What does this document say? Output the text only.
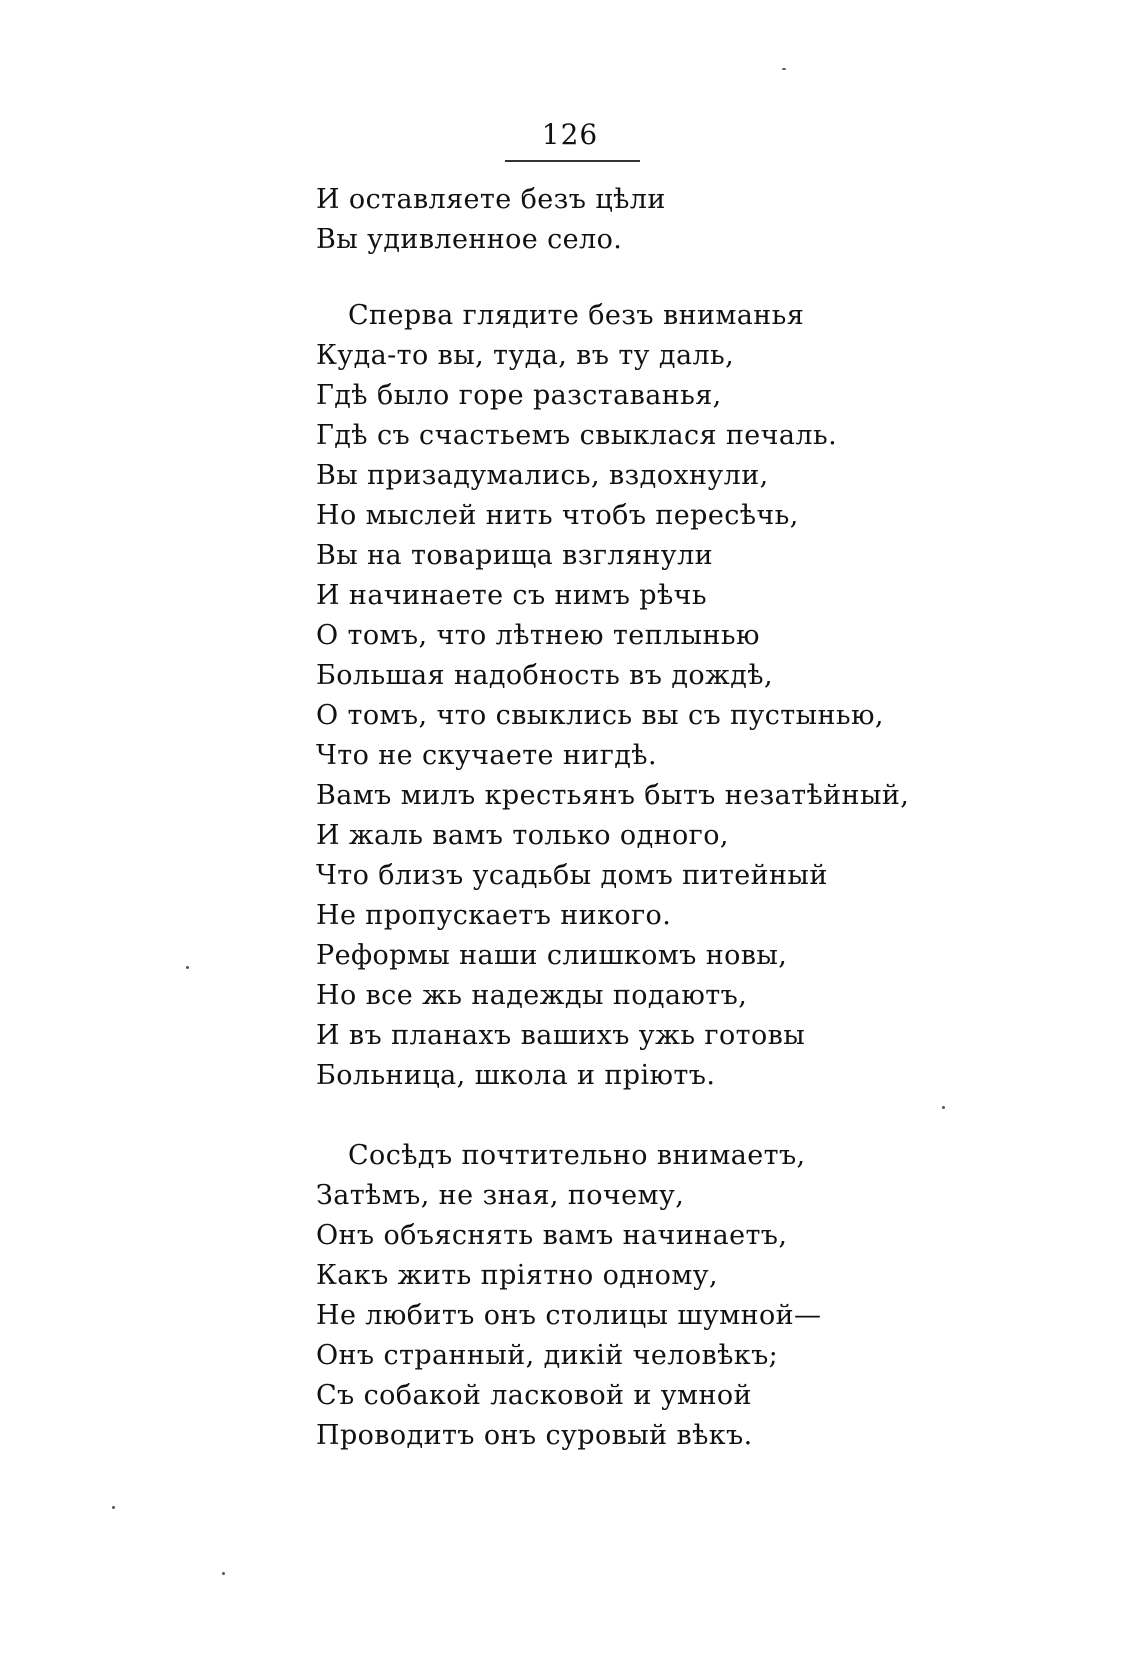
126
И оставляете безъ цѣли
Вы удивленное село.
Сперва глядите безъ вниманья
Куда-то вы, туда, въ ту даль,
Гдѣ было горе разставанья,
Гдѣ съ счастьемъ свыклася печаль.
Вы призадумались, вздохнули,
Но мыслей нить чтобъ пересѣчь,
Вы на товарища взглянули
И начинаете съ нимъ рѣчь
О томъ, что лѣтнею теплынью
Большая надобность въ дождѣ,
О томъ, что свыклись вы съ пустынью,
Что не скучаете нигдѣ.
Вамъ милъ крестьянъ бытъ незатѣйный,
И жаль вамъ только одного,
Что близъ усадьбы домъ питейный
Не пропускаетъ никого.
Реформы наши слишкомъ новы,
Но все жь надежды подаютъ,
И въ планахъ вашихъ ужь готовы
Больница, школа и пріютъ.
Сосѣдъ почтительно внимаетъ,
Затѣмъ, не зная, почему,
Онъ объяснять вамъ начинаетъ,
Какъ жить пріятно одному,
Не любитъ онъ столицы шумной—
Онъ странный, дикій человѣкъ;
Съ собакой ласковой и умной
Проводитъ онъ суровый вѣкъ.
